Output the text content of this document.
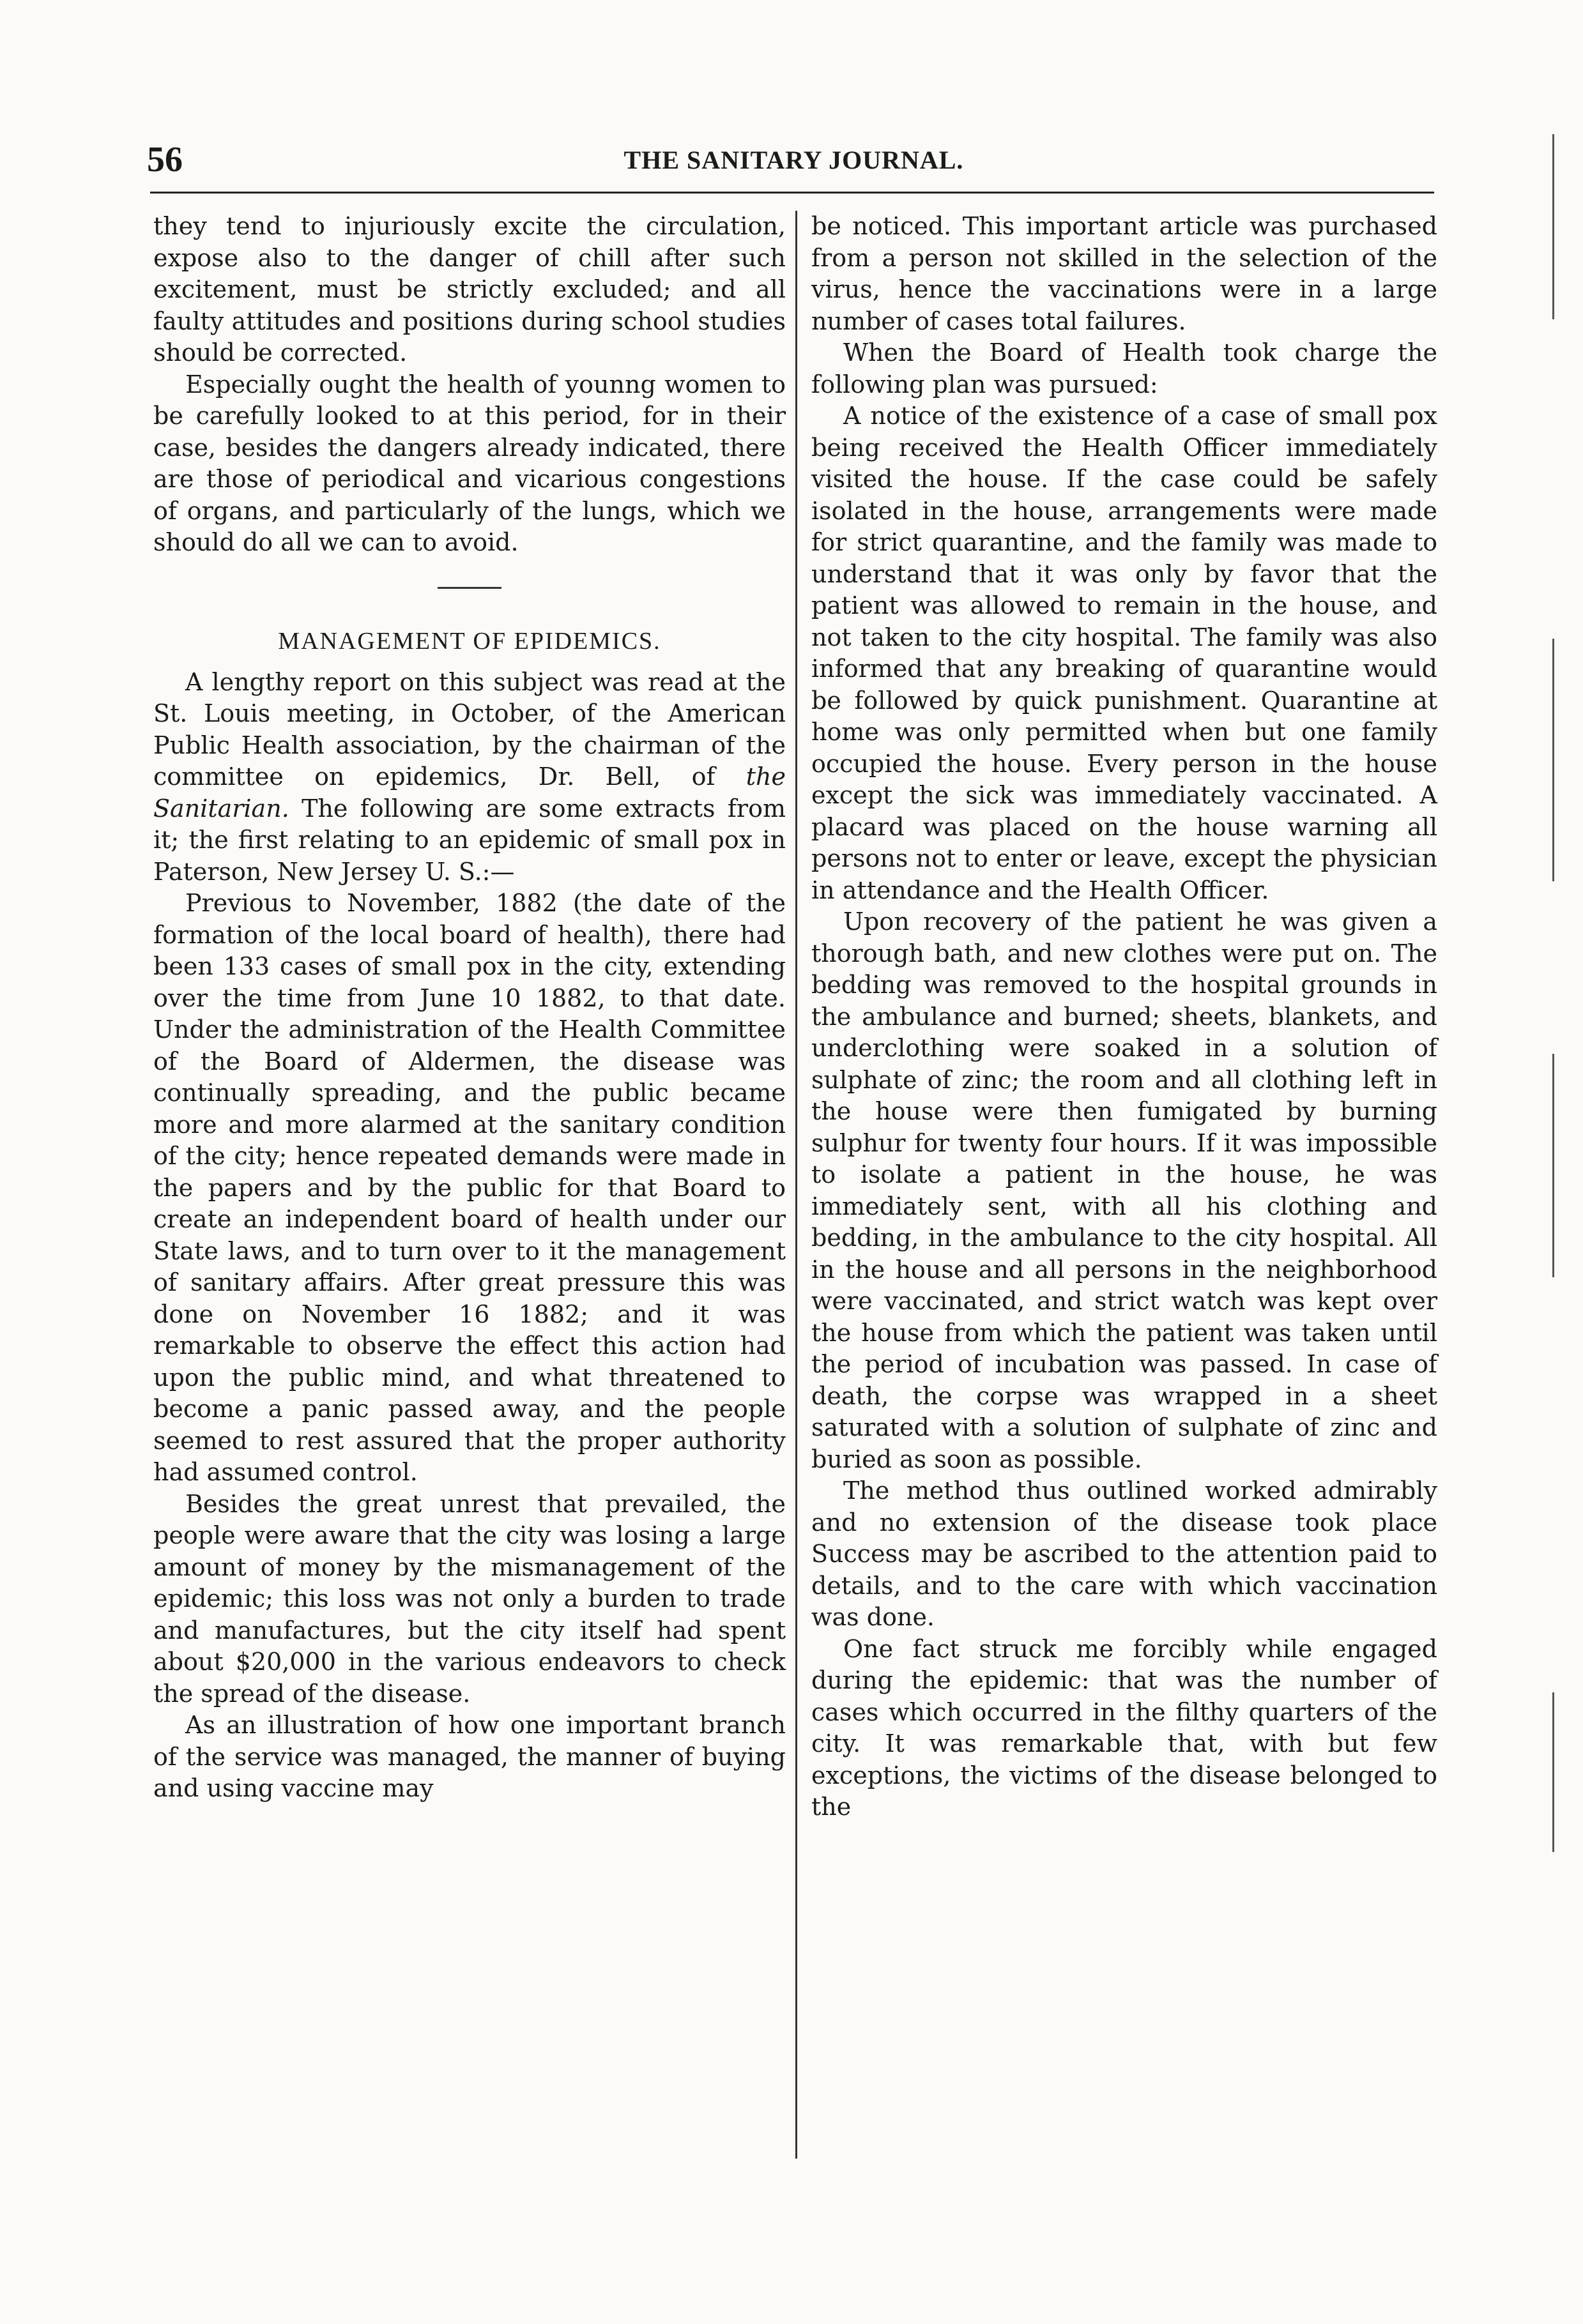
56	THE SANITARY JOURNAL.

they tend to injuriously excite the circulation, expose also to the danger of chill after such excitement, must be strictly excluded; and all faulty attitudes and positions during school studies should be corrected.

Especially ought the health of younng women to be carefully looked to at this period, for in their case, besides the dangers already indicated, there are those of periodical and vicarious congestions of organs, and particularly of the lungs, which we should do all we can to avoid.

MANAGEMENT OF EPIDEMICS.

A lengthy report on this subject was read at the St. Louis meeting, in October, of the American Public Health association, by the chairman of the committee on epidemics, Dr. Bell, of the Sanitarian. The following are some extracts from it; the first relating to an epidemic of small pox in Paterson, New Jersey U. S.:—

Previous to November, 1882 (the date of the formation of the local board of health), there had been 133 cases of small pox in the city, extending over the time from June 10 1882, to that date. Under the administration of the Health Committee of the Board of Aldermen, the disease was continually spreading, and the public became more and more alarmed at the sanitary condition of the city; hence repeated demands were made in the papers and by the public for that Board to create an independent board of health under our State laws, and to turn over to it the management of sanitary affairs. After great pressure this was done on November 16 1882; and it was remarkable to observe the effect this action had upon the public mind, and what threatened to become a panic passed away, and the people seemed to rest assured that the proper authority had assumed control.

Besides the great unrest that prevailed, the people were aware that the city was losing a large amount of money by the mismanagement of the epidemic; this loss was not only a burden to trade and manufactures, but the city itself had spent about $20,000 in the various endeavors to check the spread of the disease.

As an illustration of how one important branch of the service was managed, the manner of buying and using vaccine may

be noticed. This important article was purchased from a person not skilled in the selection of the virus, hence the vaccinations were in a large number of cases total failures.

When the Board of Health took charge the following plan was pursued:

A notice of the existence of a case of small pox being received the Health Officer immediately visited the house. If the case could be safely isolated in the house, arrangements were made for strict quarantine, and the family was made to understand that it was only by favor that the patient was allowed to remain in the house, and not taken to the city hospital. The family was also informed that any breaking of quarantine would be followed by quick punishment. Quarantine at home was only permitted when but one family occupied the house. Every person in the house except the sick was immediately vaccinated. A placard was placed on the house warning all persons not to enter or leave, except the physician in attendance and the Health Officer.

Upon recovery of the patient he was given a thorough bath, and new clothes were put on. The bedding was removed to the hospital grounds in the ambulance and burned; sheets, blankets, and underclothing were soaked in a solution of sulphate of zinc; the room and all clothing left in the house were then fumigated by burning sulphur for twenty four hours. If it was impossible to isolate a patient in the house, he was immediately sent, with all his clothing and bedding, in the ambulance to the city hospital. All in the house and all persons in the neighborhood were vaccinated, and strict watch was kept over the house from which the patient was taken until the period of incubation was passed. In case of death, the corpse was wrapped in a sheet saturated with a solution of sulphate of zinc and buried as soon as possible.

The method thus outlined worked admirably and no extension of the disease took place Success may be ascribed to the attention paid to details, and to the care with which vaccination was done.

One fact struck me forcibly while engaged during the epidemic: that was the number of cases which occurred in the filthy quarters of the city. It was remarkable that, with but few exceptions, the victims of the disease belonged to the
